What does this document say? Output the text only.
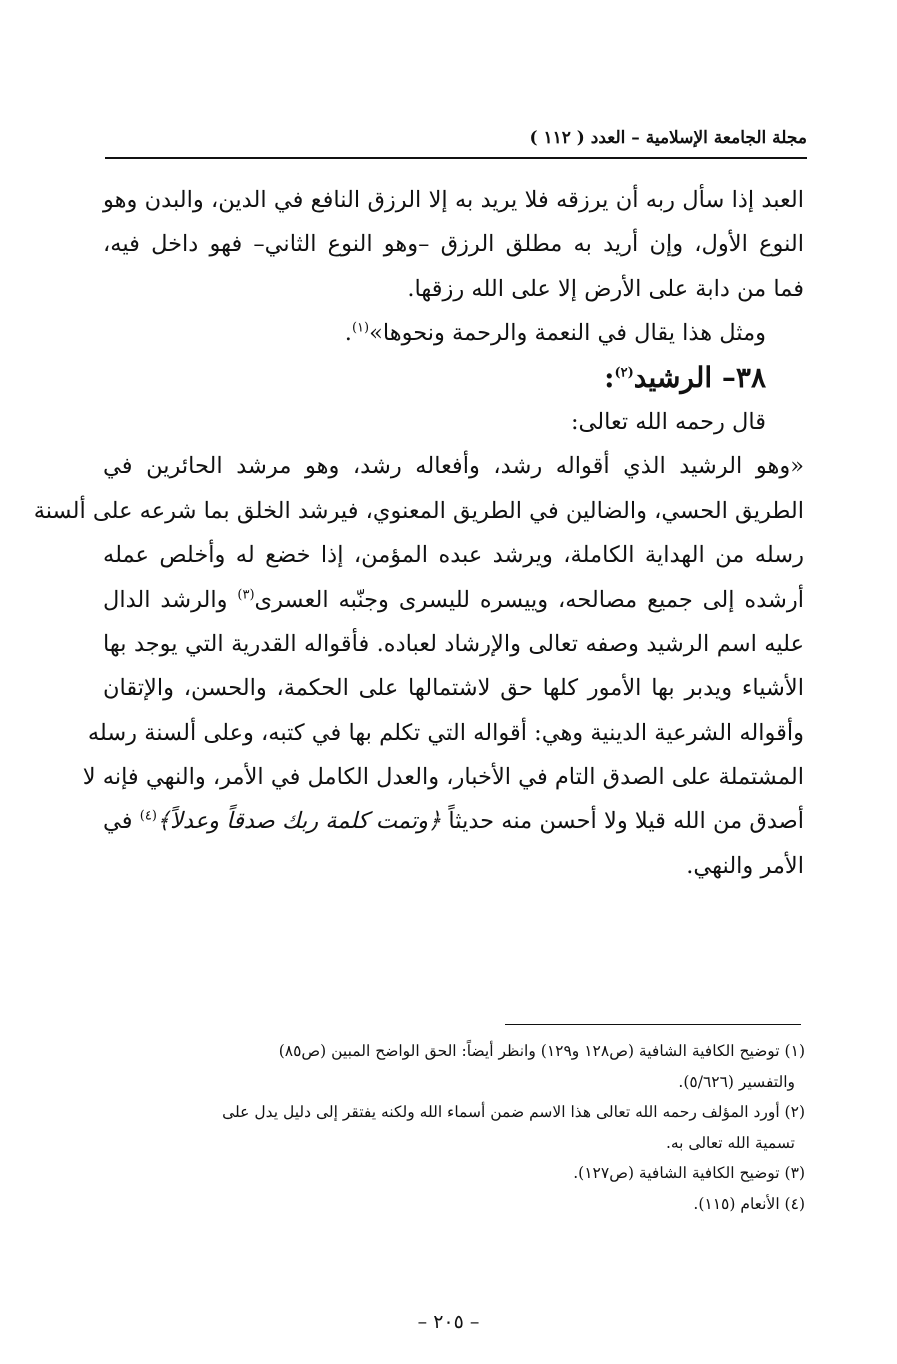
مجلة الجامعة الإسلامية – العدد ( ١١٢ )
العبد إذا سأل ربه أن يرزقه فلا يريد به إلا الرزق النافع في الدين، والبدن وهو
النوع الأول، وإن أريد به مطلق الرزق –وهو النوع الثاني– فهو داخل فيه،
فما من دابة على الأرض إلا على الله رزقها.
ومثل هذا يقال في النعمة والرحمة ونحوها»$^{(١)}$.
٣٨– الرشيد$^{(٢)}$:
قال رحمه الله تعالى:
«وهو الرشيد الذي أقواله رشد، وأفعاله رشد، وهو مرشد الحائرين في
الطريق الحسي، والضالين في الطريق المعنوي، فيرشد الخلق بما شرعه على ألسنة
رسله من الهداية الكاملة، ويرشد عبده المؤمن، إذا خضع له وأخلص عمله
أرشده إلى جميع مصالحه، وييسره لليسرى وجنّبه العسرى$^{(٣)}$ والرشد الدال
عليه اسم الرشيد وصفه تعالى والإرشاد لعباده. فأقواله القدرية التي يوجد بها
الأشياء ويدبر بها الأمور كلها حق لاشتمالها على الحكمة، والحسن، والإتقان
وأقواله الشرعية الدينية وهي: أقواله التي تكلم بها في كتبه، وعلى ألسنة رسله
المشتملة على الصدق التام في الأخبار، والعدل الكامل في الأمر، والنهي فإنه لا
أصدق من الله قيلا ولا أحسن منه حديثاً ﴿وتمت كلمة ربك صدقاً وعدلاً﴾$^{(٤)}$ في
الأمر والنهي.
(١) توضيح الكافية الشافية (ص١٢٨ و١٢٩) وانظر أيضاً: الحق الواضح المبين (ص٨٥)
والتفسير (٥/٦٢٦).
(٢) أورد المؤلف رحمه الله تعالى هذا الاسم ضمن أسماء الله ولكنه يفتقر إلى دليل يدل على
تسمية الله تعالى به.
(٣) توضيح الكافية الشافية (ص١٢٧).
(٤) الأنعام (١١٥).
– ٢٠٥ –
